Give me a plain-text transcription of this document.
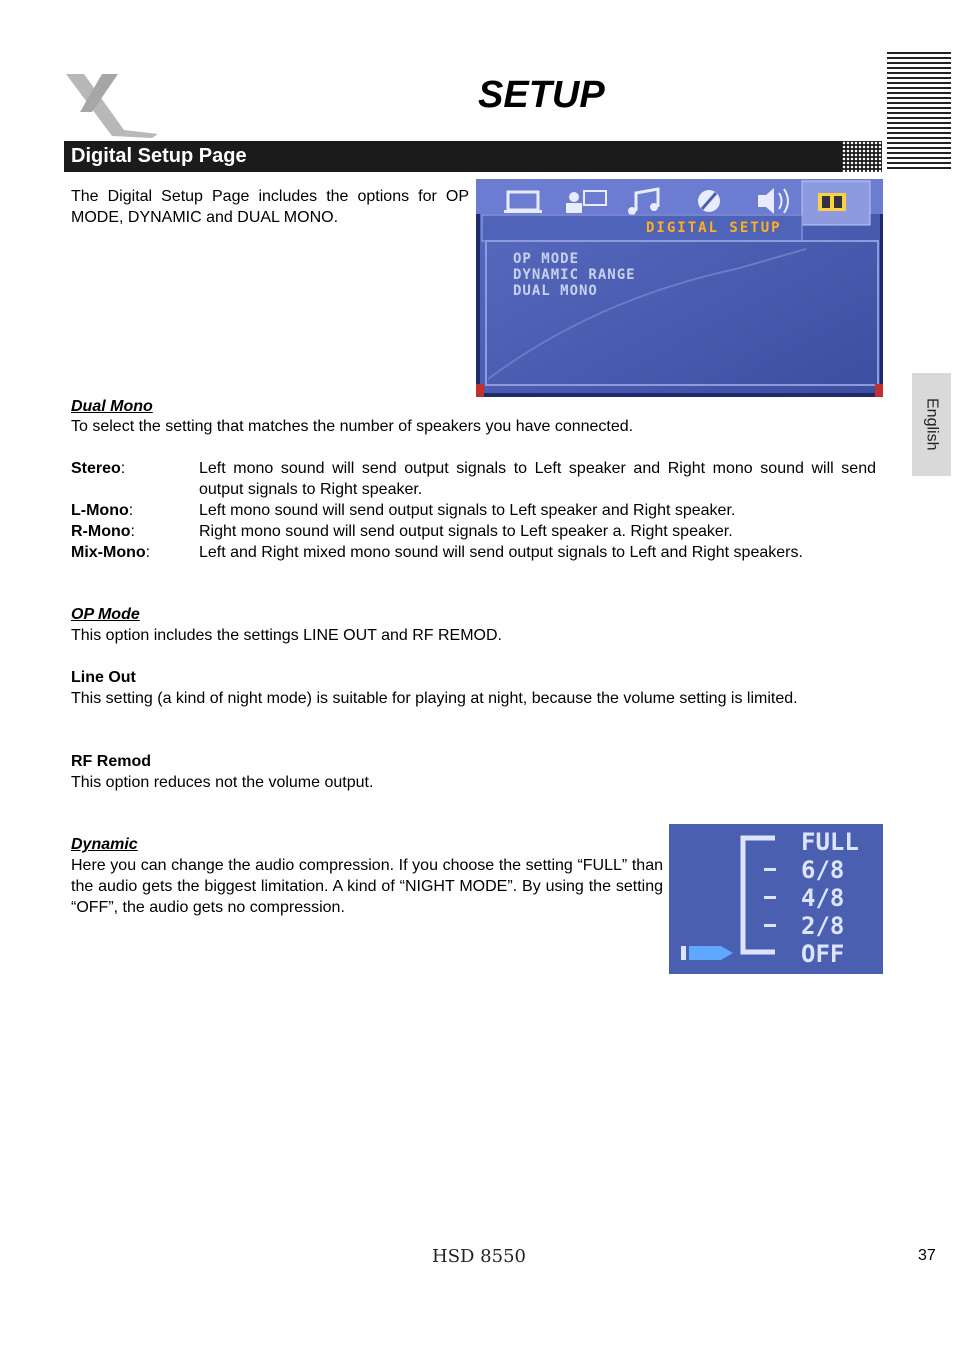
SETUP
English
Digital Setup Page
The Digital Setup Page includes the options for OP MODE, DYNAMIC and DUAL MONO.
DIGITAL SETUP
OP MODE
DYNAMIC RANGE
DUAL MONO
Dual Mono
To select the setting that matches the number of speakers you have connected.
Stereo:	Left mono sound will send output signals to Left speaker and Right mono sound will send output signals to Right speaker.
L-Mono:	Left mono sound will send output signals to Left speaker and Right speaker.
R-Mono:	Right mono sound will send output signals to Left speaker a. Right speaker.
Mix-Mono:	Left and Right mixed mono sound will send output signals to Left and Right speakers.
OP Mode
This option includes the settings LINE OUT and RF REMOD.
Line Out
This setting (a kind of night mode) is suitable for playing at night, because the volume setting is limited.
RF Remod
This option reduces not the volume output.
Dynamic
Here you can change the audio compression. If you choose the setting “FULL” than the audio gets the biggest limitation. A kind of “NIGHT MODE”. By using the setting “OFF”, the audio gets no compression.
FULL
6/8
4/8
2/8
OFF
HSD 8550	37
